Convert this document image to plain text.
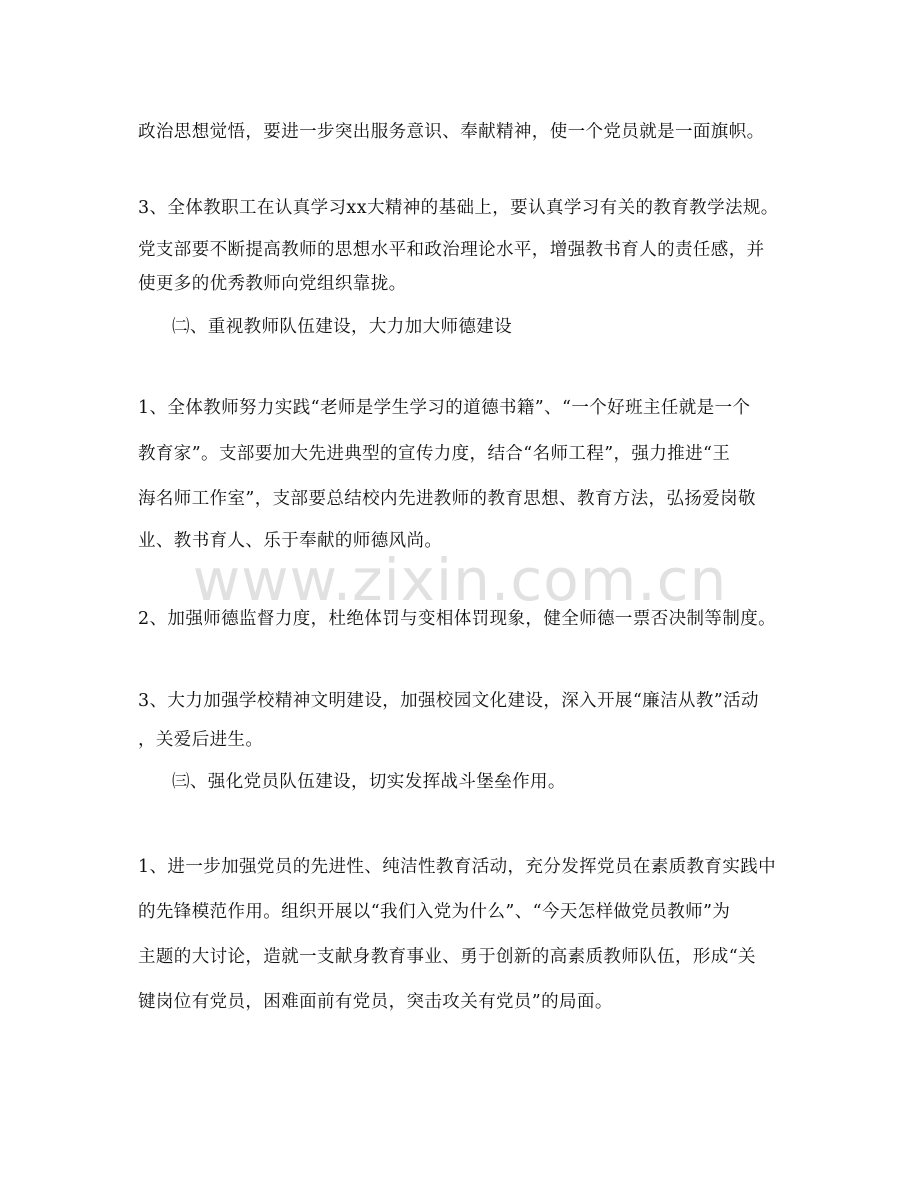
政治思想觉悟，要进一步突出服务意识、奉献精神，使一个党员就是一面旗帜。
3、全体教职工在认真学习xx大精神的基础上，要认真学习有关的教育教学法规。
党支部要不断提高教师的思想水平和政治理论水平，增强教书育人的责任感，并
使更多的优秀教师向党组织靠拢。
㈡、重视教师队伍建设，大力加大师德建设
1、全体教师努力实践“老师是学生学习的道德书籍”、“一个好班主任就是一个
教育家”。支部要加大先进典型的宣传力度，结合“名师工程”，强力推进“王
海名师工作室”，支部要总结校内先进教师的教育思想、教育方法，弘扬爱岗敬
业、教书育人、乐于奉献的师德风尚。
2、加强师德监督力度，杜绝体罚与变相体罚现象，健全师德一票否决制等制度。
3、大力加强学校精神文明建设，加强校园文化建设，深入开展“廉洁从教”活动
，关爱后进生。
㈢、强化党员队伍建设，切实发挥战斗堡垒作用。
1、进一步加强党员的先进性、纯洁性教育活动，充分发挥党员在素质教育实践中
的先锋模范作用。组织开展以“我们入党为什么”、“今天怎样做党员教师”为
主题的大讨论，造就一支献身教育事业、勇于创新的高素质教师队伍，形成“关
键岗位有党员，困难面前有党员，突击攻关有党员”的局面。
www.zixin.com.cn
